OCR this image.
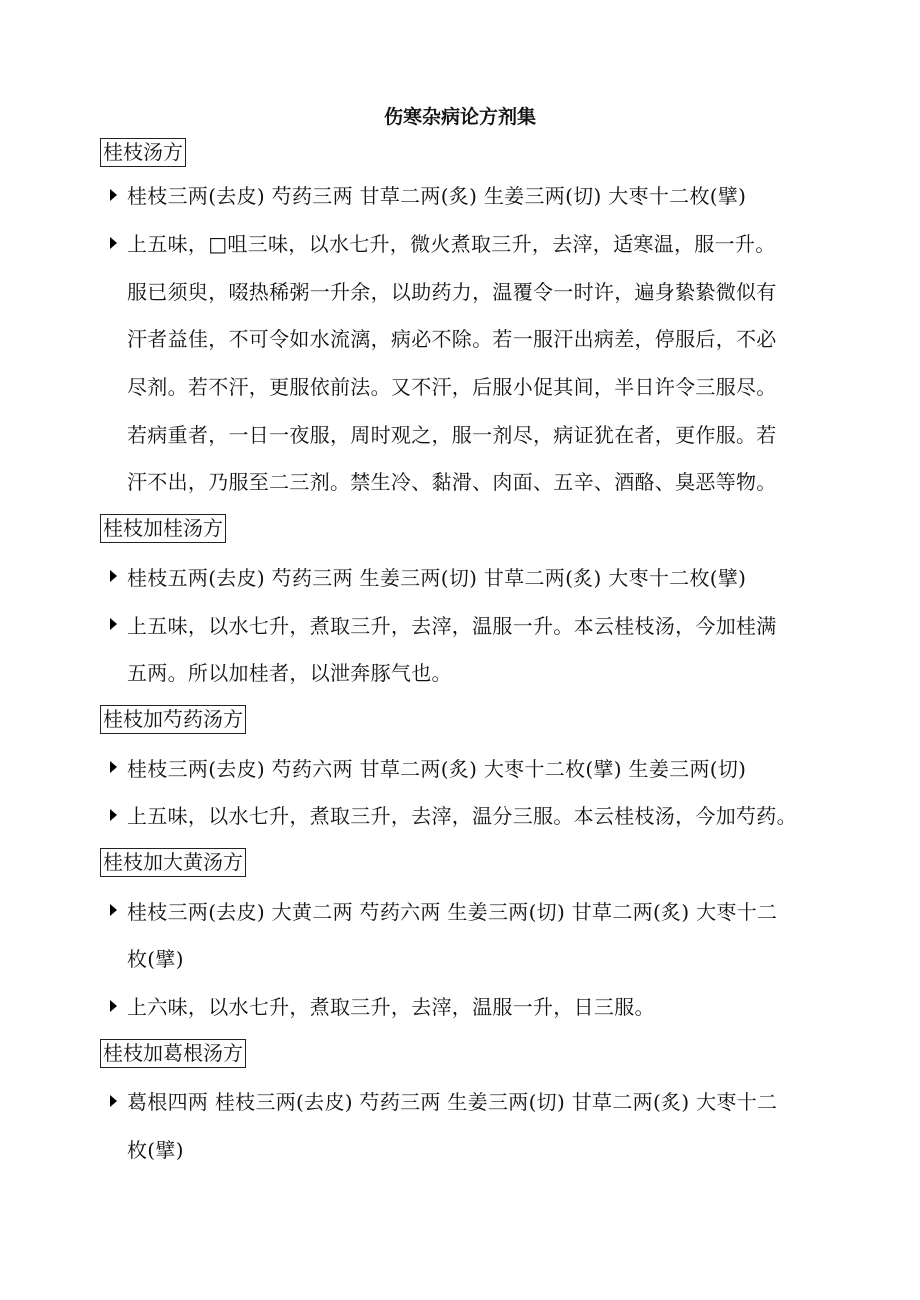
伤寒杂病论方剂集
桂枝汤方
桂枝三两(去皮) 芍药三两 甘草二两(炙) 生姜三两(切) 大枣十二枚(擘)
上五味，□咀三味，以水七升，微火煮取三升，去滓，适寒温，服一升。
服已须臾，啜热稀粥一升余，以助药力，温覆令一时许，遍身絷絷微似有
汗者益佳，不可令如水流漓，病必不除。若一服汗出病差，停服后，不必
尽剂。若不汗，更服依前法。又不汗，后服小促其间，半日许令三服尽。
若病重者，一日一夜服，周时观之，服一剂尽，病证犹在者，更作服。若
汗不出，乃服至二三剂。禁生冷、黏滑、肉面、五辛、酒酪、臭恶等物。
桂枝加桂汤方
桂枝五两(去皮) 芍药三两 生姜三两(切) 甘草二两(炙) 大枣十二枚(擘)
上五味，以水七升，煮取三升，去滓，温服一升。本云桂枝汤，今加桂满
五两。所以加桂者，以泄奔豚气也。
桂枝加芍药汤方
桂枝三两(去皮) 芍药六两 甘草二两(炙) 大枣十二枚(擘) 生姜三两(切)
上五味，以水七升，煮取三升，去滓，温分三服。本云桂枝汤，今加芍药。
桂枝加大黄汤方
桂枝三两(去皮) 大黄二两 芍药六两 生姜三两(切) 甘草二两(炙) 大枣十二
枚(擘)
上六味，以水七升，煮取三升，去滓，温服一升，日三服。
桂枝加葛根汤方
葛根四两 桂枝三两(去皮) 芍药三两 生姜三两(切) 甘草二两(炙) 大枣十二
枚(擘)
